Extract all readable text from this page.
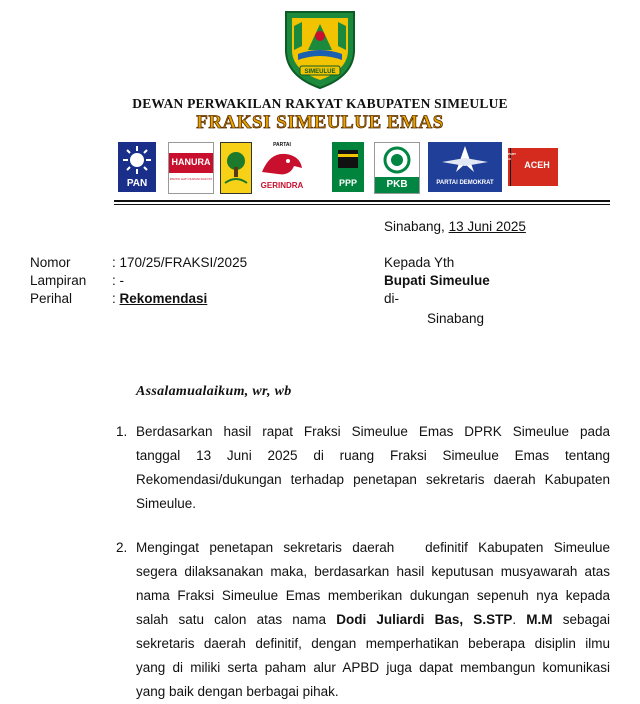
SIMEULUE
DEWAN PERWAKILAN RAKYAT KABUPATEN SIMEULUE
FRAKSI SIMEULUE EMAS
PAN
HANURA
PARTAI HATI NURANI RAKYAT
PARTAI
GERINDRA	PPP	PKB	PARTAI DEMOKRAT
PARTAI
ACEH
Sinabang, 13 Juni 2025
Nomor	: 170/25/FRAKSI/2025
Lampiran : -
Perihal	: Rekomendasi
Kepada Yth
Bupati Simeulue
di-
Sinabang
Assalamualaikum, wr, wb
1. Berdasarkan hasil rapat Fraksi Simeulue Emas DPRK Simeulue pada
tanggal 13 Juni 2025 di ruang Fraksi Simeulue Emas tentang
Rekomendasi/dukungan terhadap penetapan sekretaris daerah Kabupaten
Simeulue.
2. Mengingat penetapan sekretaris daerah   definitif Kabupaten Simeulue
segera dilaksanakan maka, berdasarkan hasil keputusan musyawarah atas
nama Fraksi Simeulue Emas memberikan dukungan sepenuh nya kepada
salah satu calon atas nama Dodi Juliardi Bas, S.STP. M.M sebagai
sekretaris daerah definitif, dengan memperhatikan beberapa disiplin ilmu
yang di miliki serta paham alur APBD juga dapat membangun komunikasi
yang baik dengan berbagai pihak.
